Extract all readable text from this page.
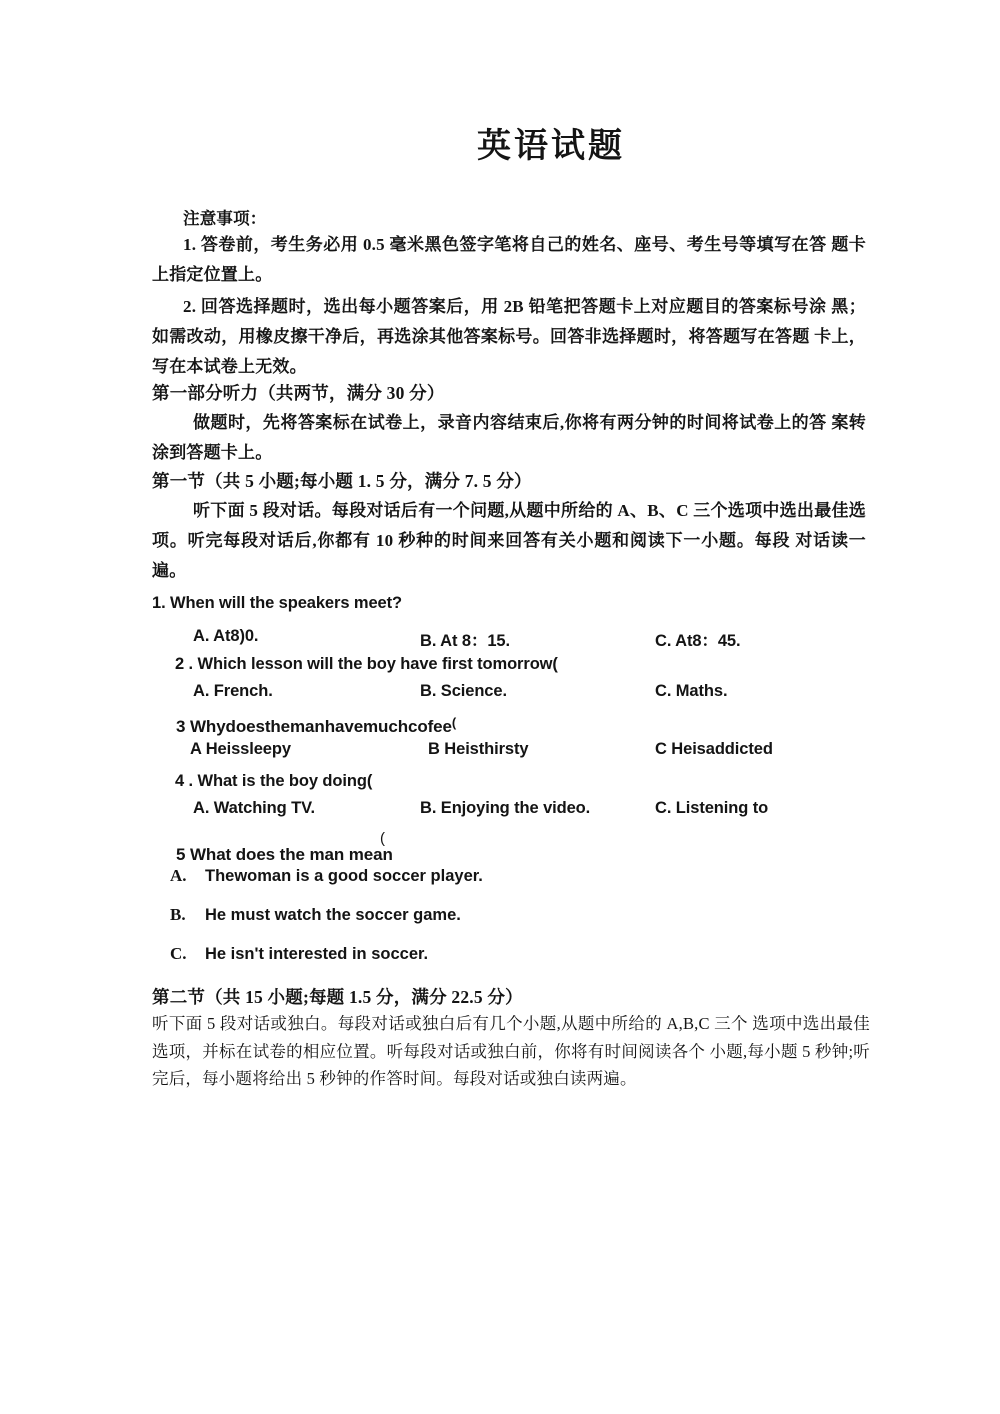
英语试题
注意事项：
1. 答卷前，考生务必用 0.5 毫米黑色签字笔将自己的姓名、座号、考生号等填写在答 题卡上指定位置上。
2. 回答选择题时，选出每小题答案后，用 2B 铅笔把答题卡上对应题目的答案标号涂 黑；如需改动，用橡皮擦干净后，再选涂其他答案标号。回答非选择题时，将答题写在答题 卡上，写在本试卷上无效。
第一部分听力（共两节，满分 30 分）
做题时，先将答案标在试卷上，录音内容结束后,你将有两分钟的时间将试卷上的答 案转涂到答题卡上。
第一节（共 5 小题;每小题 1. 5 分，满分 7. 5 分）
听下面 5 段对话。每段对话后有一个问题,从题中所给的 A、B、C 三个选项中选出最佳选项。听完每段对话后,你都有 10 秒种的时间来回答有关小题和阅读下一小题。每段 对话读一遍。
1. When will the speakers meet?
A. At8)0.	B. At 8：15.	C. At8：45.
2 . Which lesson will the boy have first tomorrow(
A. French.	B. Science.	C. Maths.
3 Whydoesthemanhavemuchcofee(
A Heissleepy	B Heisthirsty	C Heisaddicted
4 . What is the boy doing(
A. Watching TV.	B. Enjoying the video.	C. Listening to
5 What does the man mean
(
A. Thewoman is a good soccer player.
B. He must watch the soccer game.
C. He isn't interested in soccer.
第二节（共 15 小题;每题 1.5 分，满分 22.5 分）
听下面 5 段对话或独白。每段对话或独白后有几个小题,从题中所给的 A,B,C 三个 选项中选出最佳选项，并标在试卷的相应位置。听每段对话或独白前，你将有时间阅读各个 小题,每小题 5 秒钟;听完后，每小题将给出 5 秒钟的作答时间。每段对话或独白读两遍。
